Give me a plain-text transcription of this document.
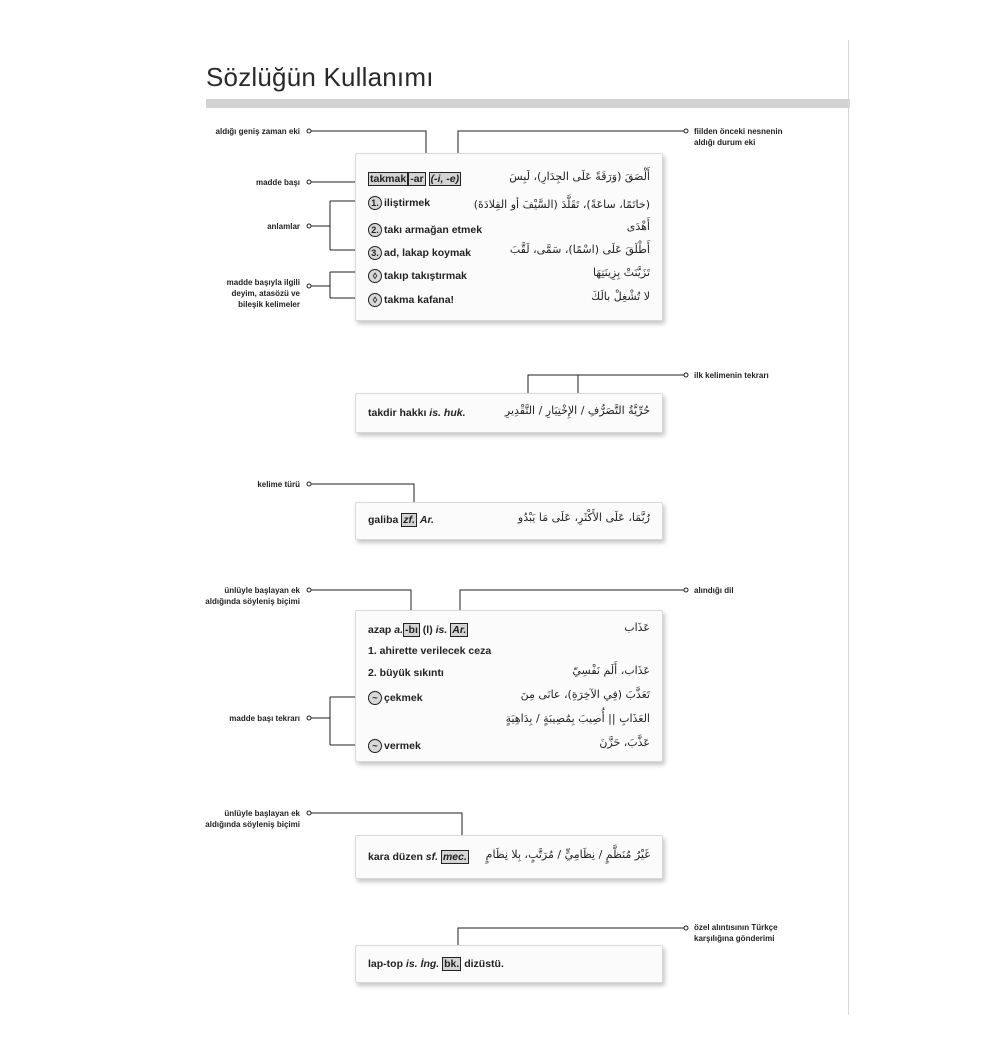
Sözlüğün Kullanımı
aldığı geniş zaman eki
madde başı
anlamlar
madde başıyla ilgili deyim, atasözü ve bileşik kelimeler
kelime türü
ünlüyle başlayan ek aldığında söyleniş biçimi
madde başı tekrarı
ünlüyle başlayan ek aldığında söyleniş biçimi
fiilden önceki nesnenin aldığı durum eki
ilk kelimenin tekrarı
alındığı dil
özel alıntısının Türkçe karşılığına gönderimi
takmak -ar (-i, -e)	أَلْصَقَ (وَرَقَةً عَلَى الجِدَارِ)، لَبِسَ
1. iliştirmek	(خاتَمًا، ساعَةً)، تَقَلَّدَ (السَّيْفَ أو القِلادَةَ)
2. takı armağan etmek	أَهْدَى
3. ad, lakap koymak	أَطْلَقَ عَلَى (اسْمًا)، سَمَّى، لَقَّبَ
◊ takıp takıştırmak	تَزَيَّنَتْ بِزِينَتِهَا
◊ takma kafana!	لا تُشْغِلْ بالَكَ
takdir hakkı is. huk.	حُرِّيَّةُ التَّصَرُّفِ / الإِخْتِيَارِ / التَّقْدِيرِ
galiba zf. Ar.	رُبَّمَا، عَلَى الأَكْثَرِ، عَلَى مَا يَبْدُو
azap a. -bı (l) is. Ar.	عَذَاب
1. ahirette verilecek ceza
2. büyük sıkıntı	عَذَاب، أَلَم نَفْسِيّ
~ çekmek	تَعَذَّبَ (فِي الآخِرَةِ)، عانَى مِنَ
العَذَابِ || أُصِيبَ بِمُصِيبَةٍ / بِدَاهِيَةٍ
~ vermek	عَذَّبَ، حَزَّنَ
kara düzen sf. mec. غَيْرُ مُنَظَّمٍ / نِظَامِيٍّ / مُرَتَّبٍ، بِلا نِظَامٍ
lap-top is. İng. bk. dizüstü.
